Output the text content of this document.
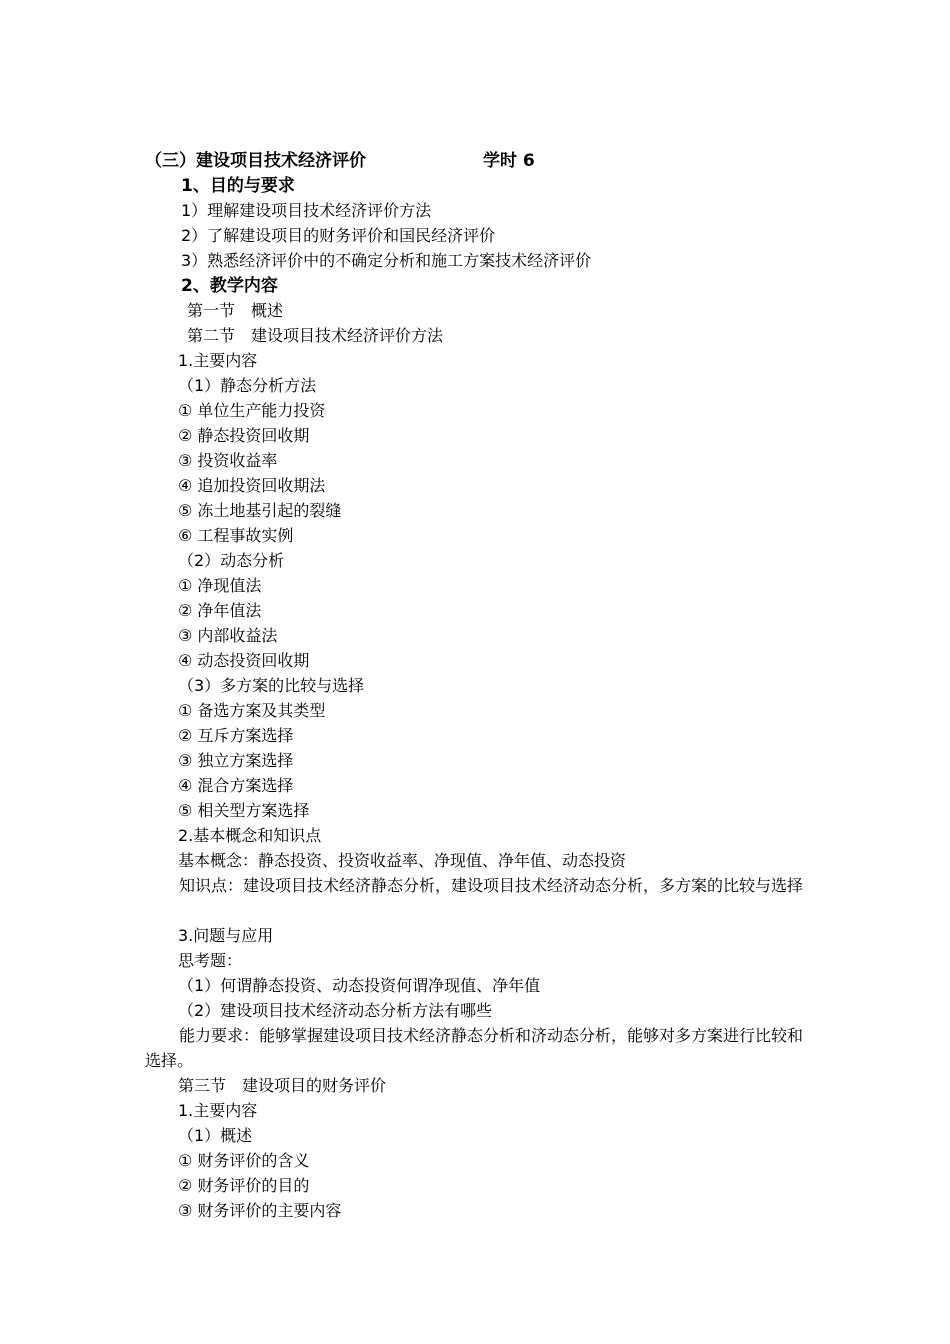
（三）建设项目技术经济评价	学时 6

1、目的与要求

1）理解建设项目技术经济评价方法

2）了解建设项目的财务评价和国民经济评价

3）熟悉经济评价中的不确定分析和施工方案技术经济评价

2、教学内容

第一节　概述

第二节　建设项目技术经济评价方法

1.主要内容

（1）静态分析方法

① 单位生产能力投资

② 静态投资回收期

③ 投资收益率

④ 追加投资回收期法

⑤ 冻土地基引起的裂缝

⑥ 工程事故实例

（2）动态分析

① 净现值法

② 净年值法

③ 内部收益法

④ 动态投资回收期

（3）多方案的比较与选择

① 备选方案及其类型

② 互斥方案选择

③ 独立方案选择

④ 混合方案选择

⑤ 相关型方案选择

2.基本概念和知识点

基本概念：静态投资、投资收益率、净现值、净年值、动态投资

知识点：建设项目技术经济静态分析，建设项目技术经济动态分析，多方案的比较与选择

3.问题与应用

思考题：

（1）何谓静态投资、动态投资何谓净现值、净年值

（2）建设项目技术经济动态分析方法有哪些

能力要求：能够掌握建设项目技术经济静态分析和济动态分析，能够对多方案进行比较和选择。

第三节　建设项目的财务评价

1.主要内容

（1）概述

① 财务评价的含义

② 财务评价的目的

③ 财务评价的主要内容
